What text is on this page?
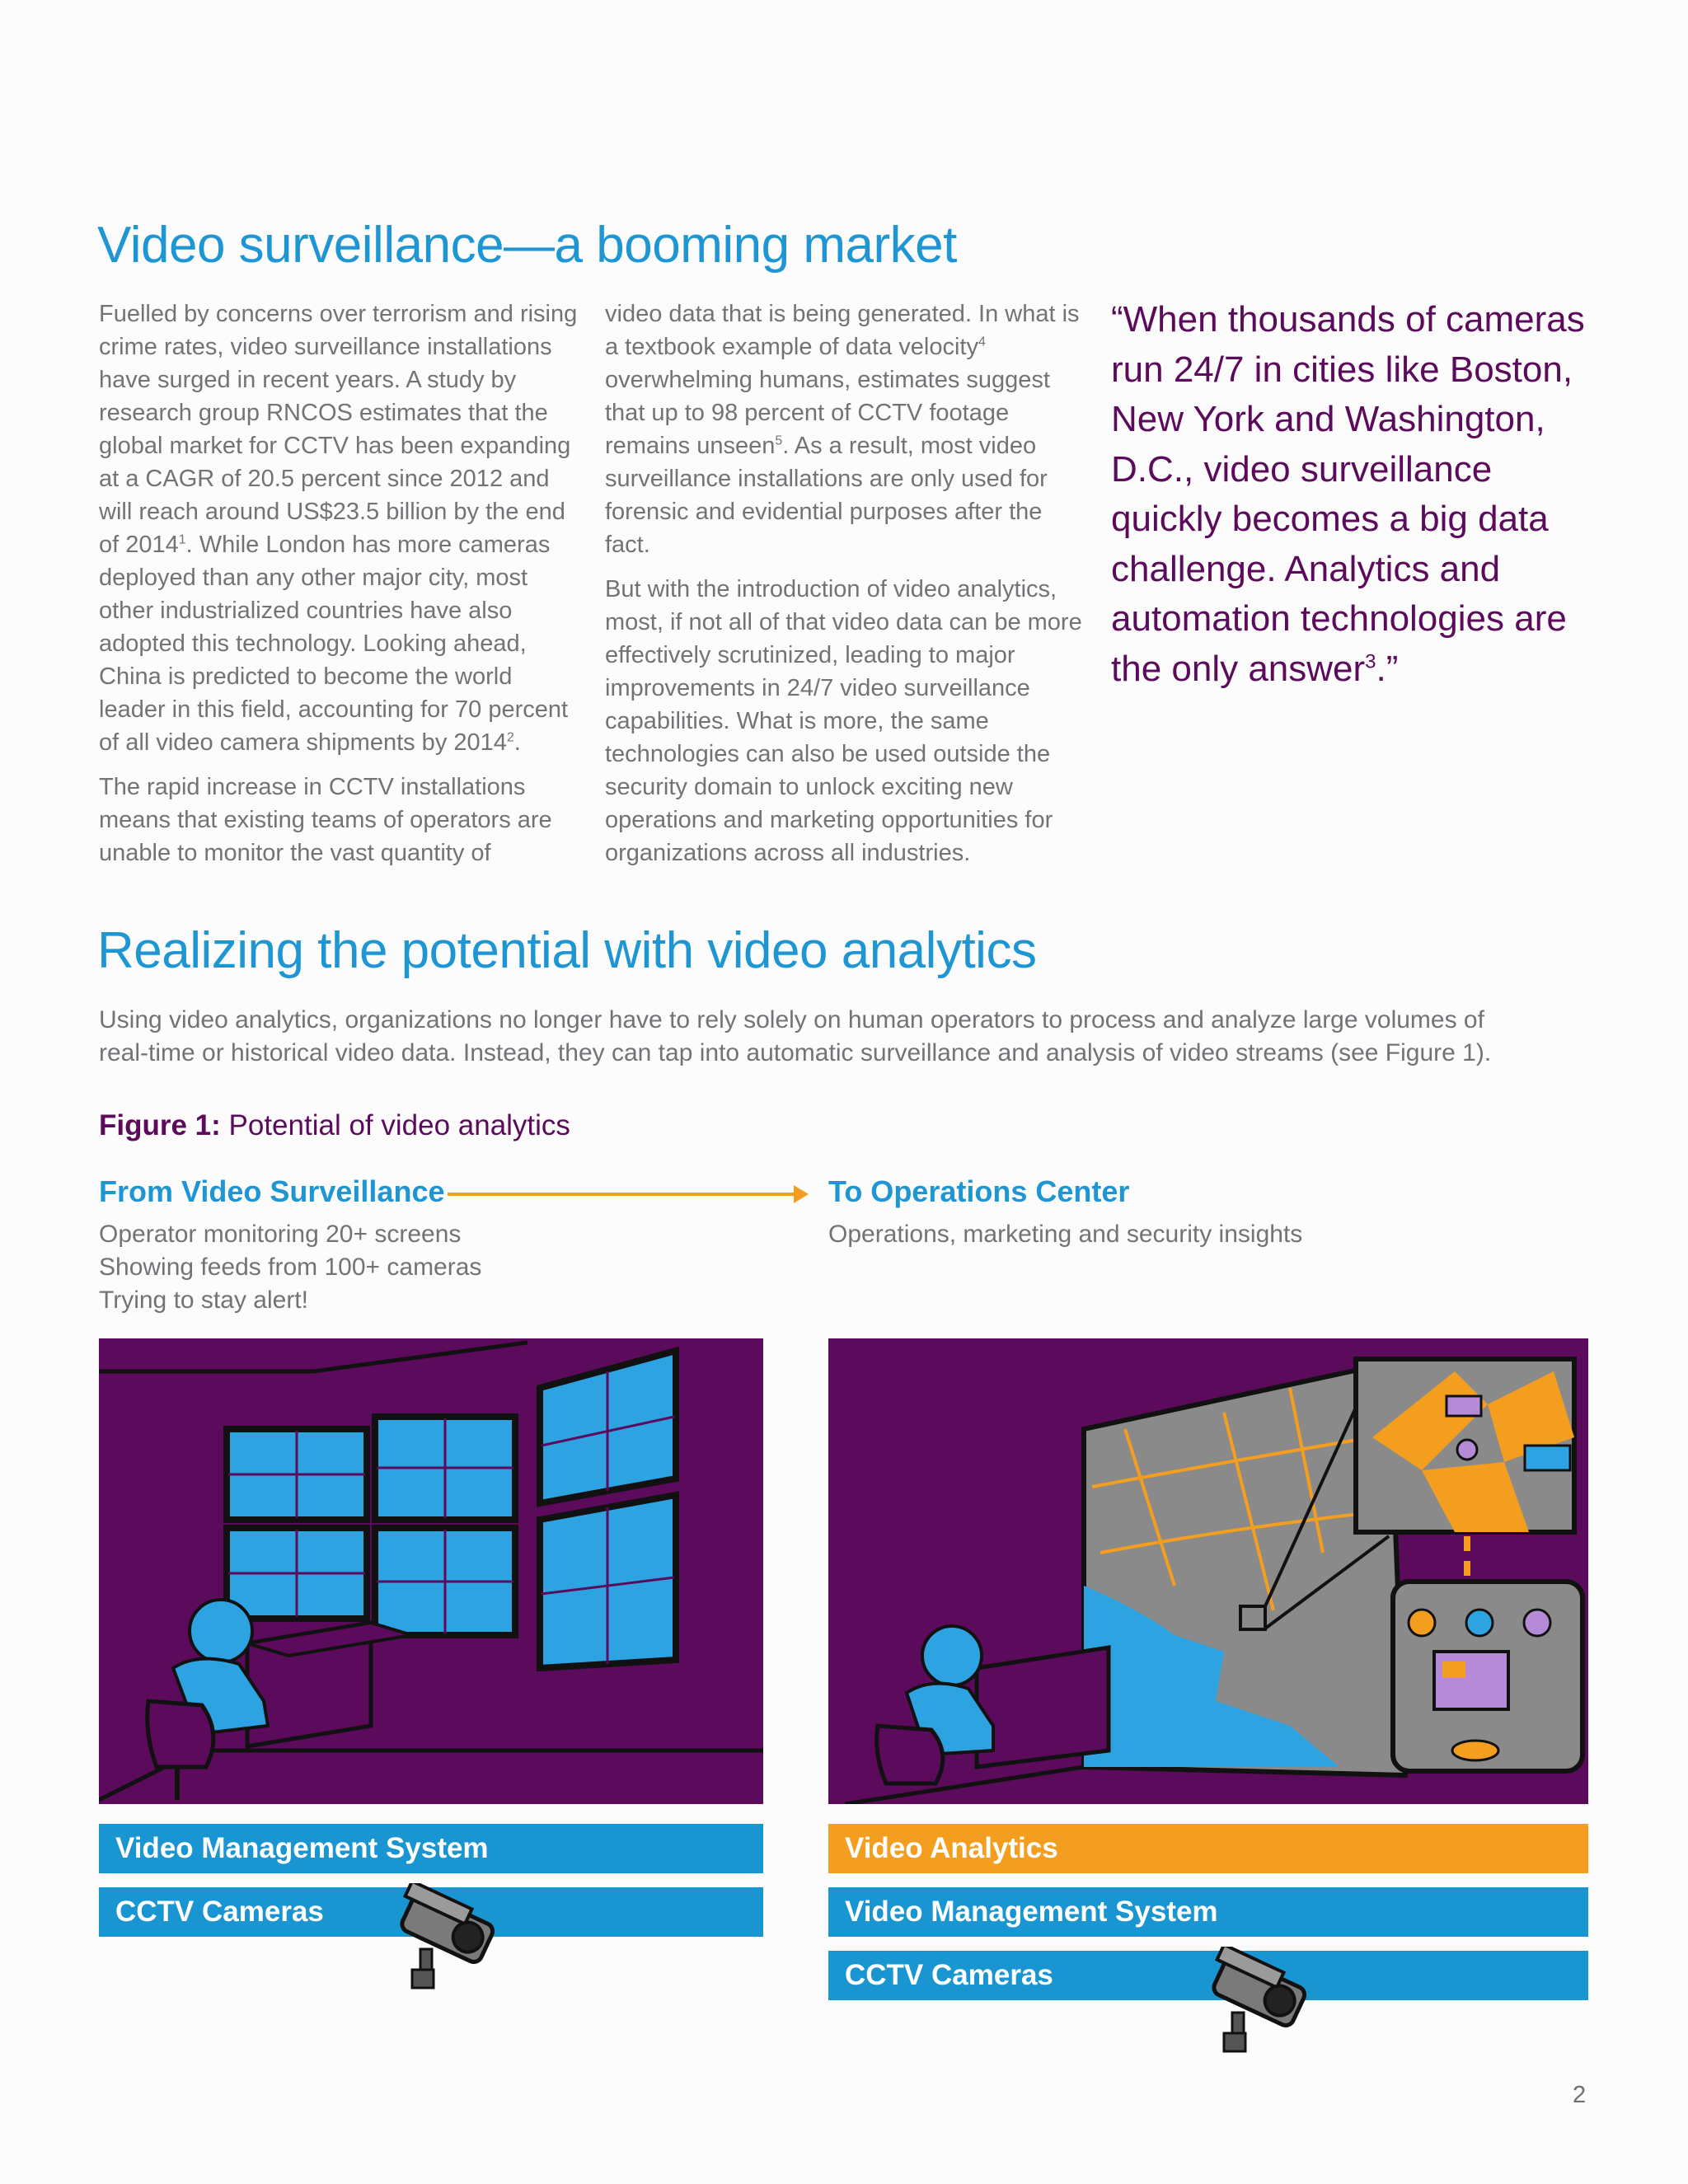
Video surveillance—a booming market

Fuelled by concerns over terrorism and rising crime rates, video surveillance installations have surged in recent years. A study by research group RNCOS estimates that the global market for CCTV has been expanding at a CAGR of 20.5 percent since 2012 and will reach around US$23.5 billion by the end of 2014$^1$. While London has more cameras deployed than any other major city, most other industrialized countries have also adopted this technology. Looking ahead, China is predicted to become the world leader in this field, accounting for 70 percent of all video camera shipments by 2014$^2$.

The rapid increase in CCTV installations means that existing teams of operators are unable to monitor the vast quantity of

video data that is being generated. In what is a textbook example of data velocity$^4$ overwhelming humans, estimates suggest that up to 98 percent of CCTV footage remains unseen$^5$. As a result, most video surveillance installations are only used for forensic and evidential purposes after the fact.

But with the introduction of video analytics, most, if not all of that video data can be more effectively scrutinized, leading to major improvements in 24/7 video surveillance capabilities. What is more, the same technologies can also be used outside the security domain to unlock exciting new operations and marketing opportunities for organizations across all industries.

“When thousands of cameras run 24/7 in cities like Boston, New York and Washington, D.C., video surveillance quickly becomes a big data challenge. Analytics and automation technologies are the only answer$^3$.”
Realizing the potential with video analytics
Using video analytics, organizations no longer have to rely solely on human operators to process and analyze large volumes of real-time or historical video data. Instead, they can tap into automatic surveillance and analysis of video streams (see Figure 1).
Figure 1: Potential of video analytics
From Video Surveillance	To Operations Center
Operator monitoring 20+ screens
Showing feeds from 100+ cameras
Trying to stay alert!
Operations, marketing and security insights
Video Management System
CCTV Cameras
Video Analytics
Video Management System
CCTV Cameras
2
